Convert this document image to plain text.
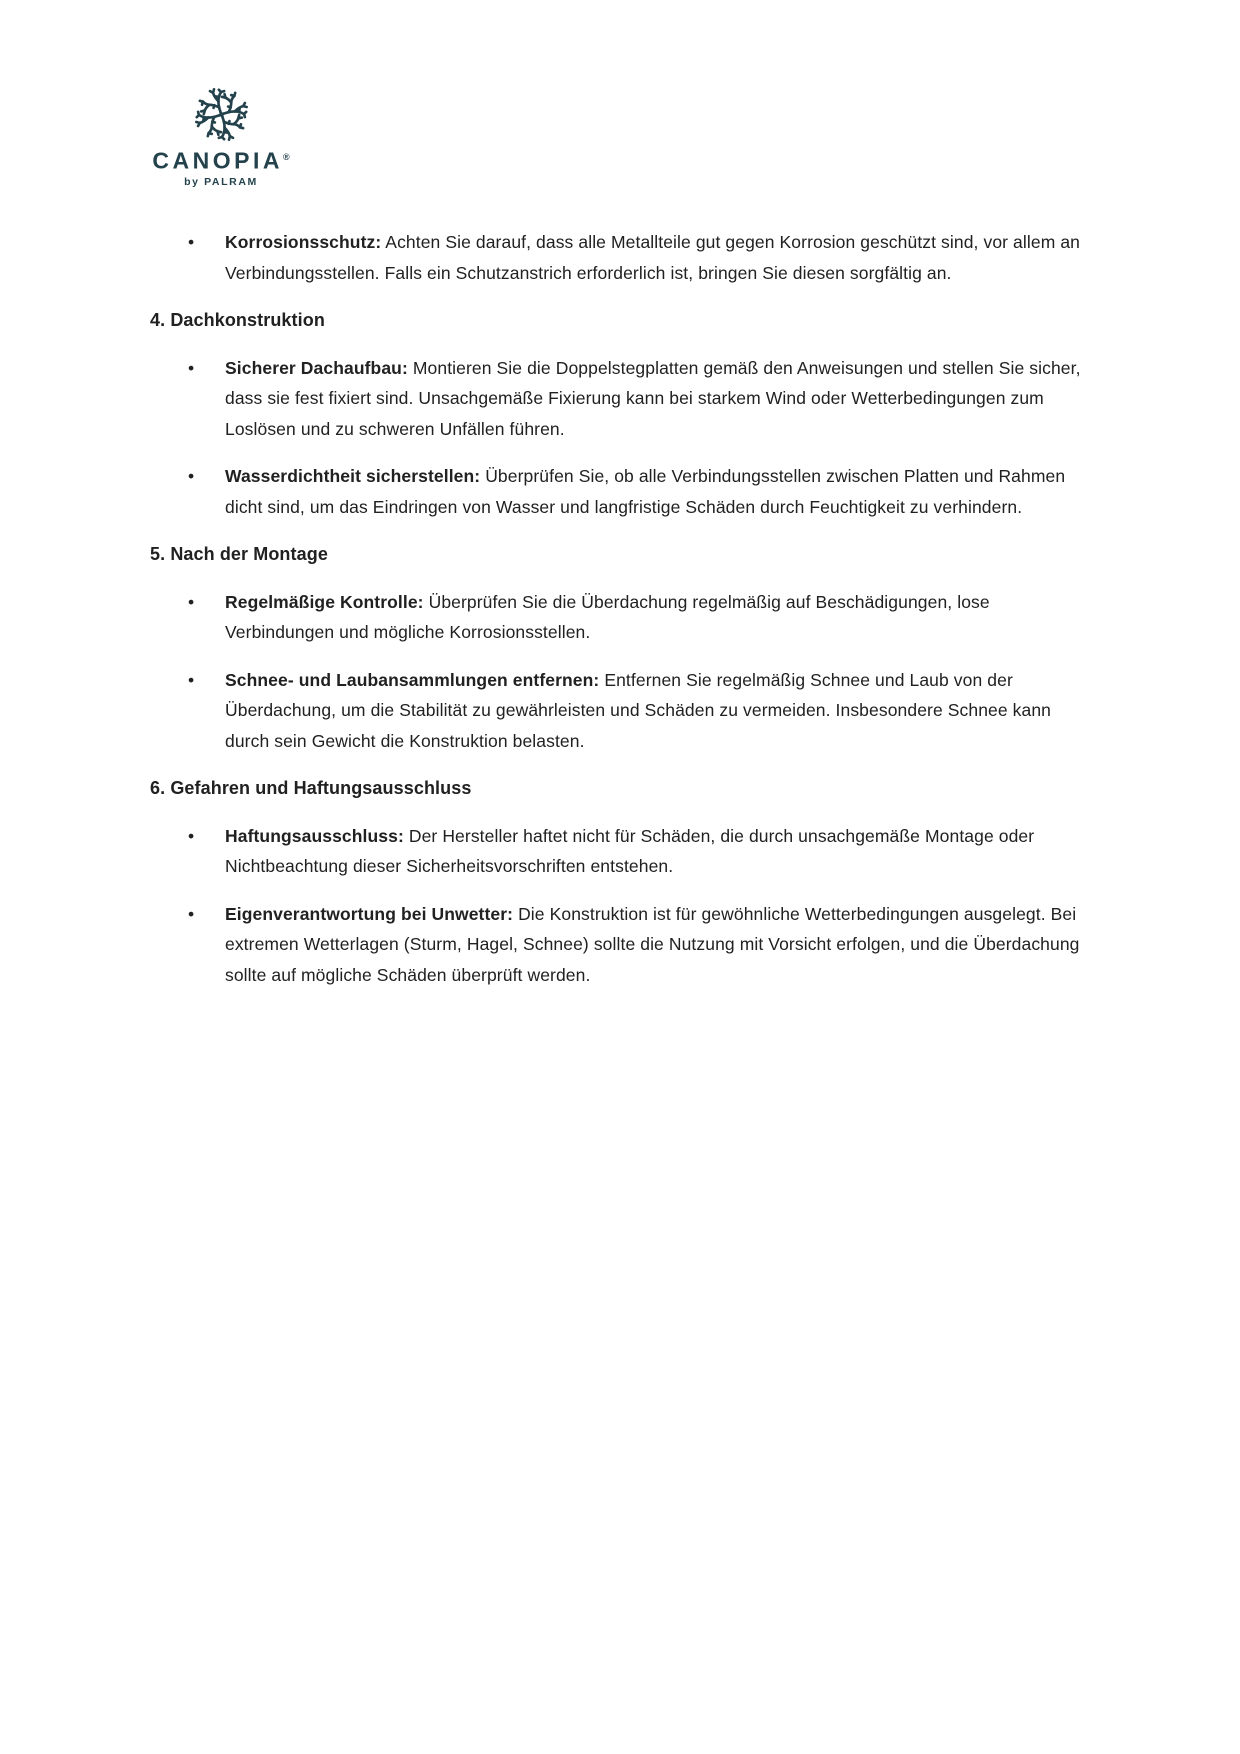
CANOPIA®
by PALRAM
• Korrosionsschutz: Achten Sie darauf, dass alle Metallteile gut gegen Korrosion geschützt sind, vor allem an Verbindungsstellen. Falls ein Schutzanstrich erforderlich ist, bringen Sie diesen sorgfältig an.
4. Dachkonstruktion
• Sicherer Dachaufbau: Montieren Sie die Doppelstegplatten gemäß den Anweisungen und stellen Sie sicher, dass sie fest fixiert sind. Unsachgemäße Fixierung kann bei starkem Wind oder Wetterbedingungen zum Loslösen und zu schweren Unfällen führen.
• Wasserdichtheit sicherstellen: Überprüfen Sie, ob alle Verbindungsstellen zwischen Platten und Rahmen dicht sind, um das Eindringen von Wasser und langfristige Schäden durch Feuchtigkeit zu verhindern.
5. Nach der Montage
• Regelmäßige Kontrolle: Überprüfen Sie die Überdachung regelmäßig auf Beschädigungen, lose Verbindungen und mögliche Korrosionsstellen.
• Schnee- und Laubansammlungen entfernen: Entfernen Sie regelmäßig Schnee und Laub von der Überdachung, um die Stabilität zu gewährleisten und Schäden zu vermeiden. Insbesondere Schnee kann durch sein Gewicht die Konstruktion belasten.
6. Gefahren und Haftungsausschluss
• Haftungsausschluss: Der Hersteller haftet nicht für Schäden, die durch unsachgemäße Montage oder Nichtbeachtung dieser Sicherheitsvorschriften entstehen.
• Eigenverantwortung bei Unwetter: Die Konstruktion ist für gewöhnliche Wetterbedingungen ausgelegt. Bei extremen Wetterlagen (Sturm, Hagel, Schnee) sollte die Nutzung mit Vorsicht erfolgen, und die Überdachung sollte auf mögliche Schäden überprüft werden.
